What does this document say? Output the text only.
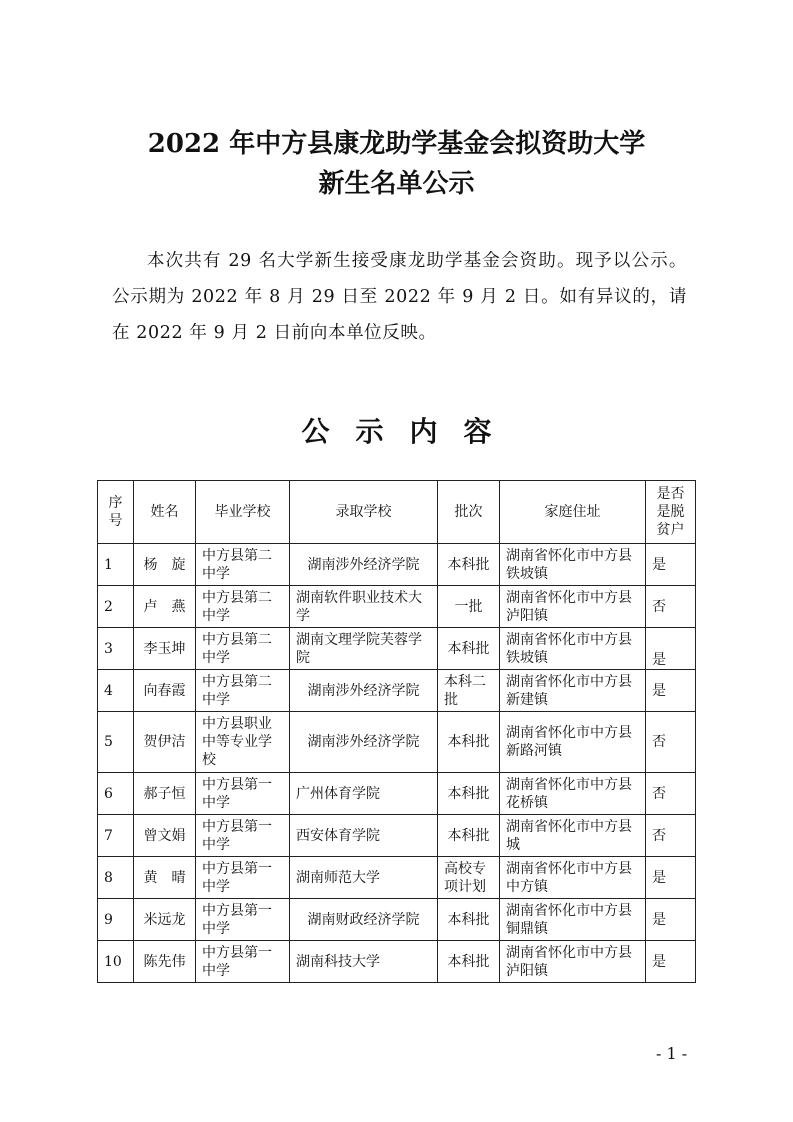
2022 年中方县康龙助学基金会拟资助大学
新生名单公示

本次共有 29 名大学新生接受康龙助学基金会资助。现予以公示。公示期为 2022 年 8 月 29 日至 2022 年 9 月 2 日。如有异议的，请在 2022 年 9 月 2 日前向本单位反映。

公示内容
序号	姓名	毕业学校	录取学校	批次	家庭住址	是否是脱贫户
1	杨　旋	中方县第二中学	湖南涉外经济学院	本科批	湖南省怀化市中方县铁坡镇	是
2	卢　燕	中方县第二中学	湖南软件职业技术大学	一批	湖南省怀化市中方县泸阳镇	否
3	李玉坤	中方县第二中学	湖南文理学院芙蓉学院	本科批	湖南省怀化市中方县铁坡镇	是
4	向春霞	中方县第二中学	湖南涉外经济学院	本科二批	湖南省怀化市中方县新建镇	是
5	贺伊洁	中方县职业中等专业学校	湖南涉外经济学院	本科批	湖南省怀化市中方县新路河镇	否
6	郝子恒	中方县第一中学	广州体育学院	本科批	湖南省怀化市中方县花桥镇	否
7	曾文娟	中方县第一中学	西安体育学院	本科批	湖南省怀化市中方县城	否
8	黄　晴	中方县第一中学	湖南师范大学	高校专项计划	湖南省怀化市中方县中方镇	是
9	米远龙	中方县第一中学	湖南财政经济学院	本科批	湖南省怀化市中方县铜鼎镇	是
10	陈先伟	中方县第一中学	湖南科技大学	本科批	湖南省怀化市中方县泸阳镇	是
- 1 -
